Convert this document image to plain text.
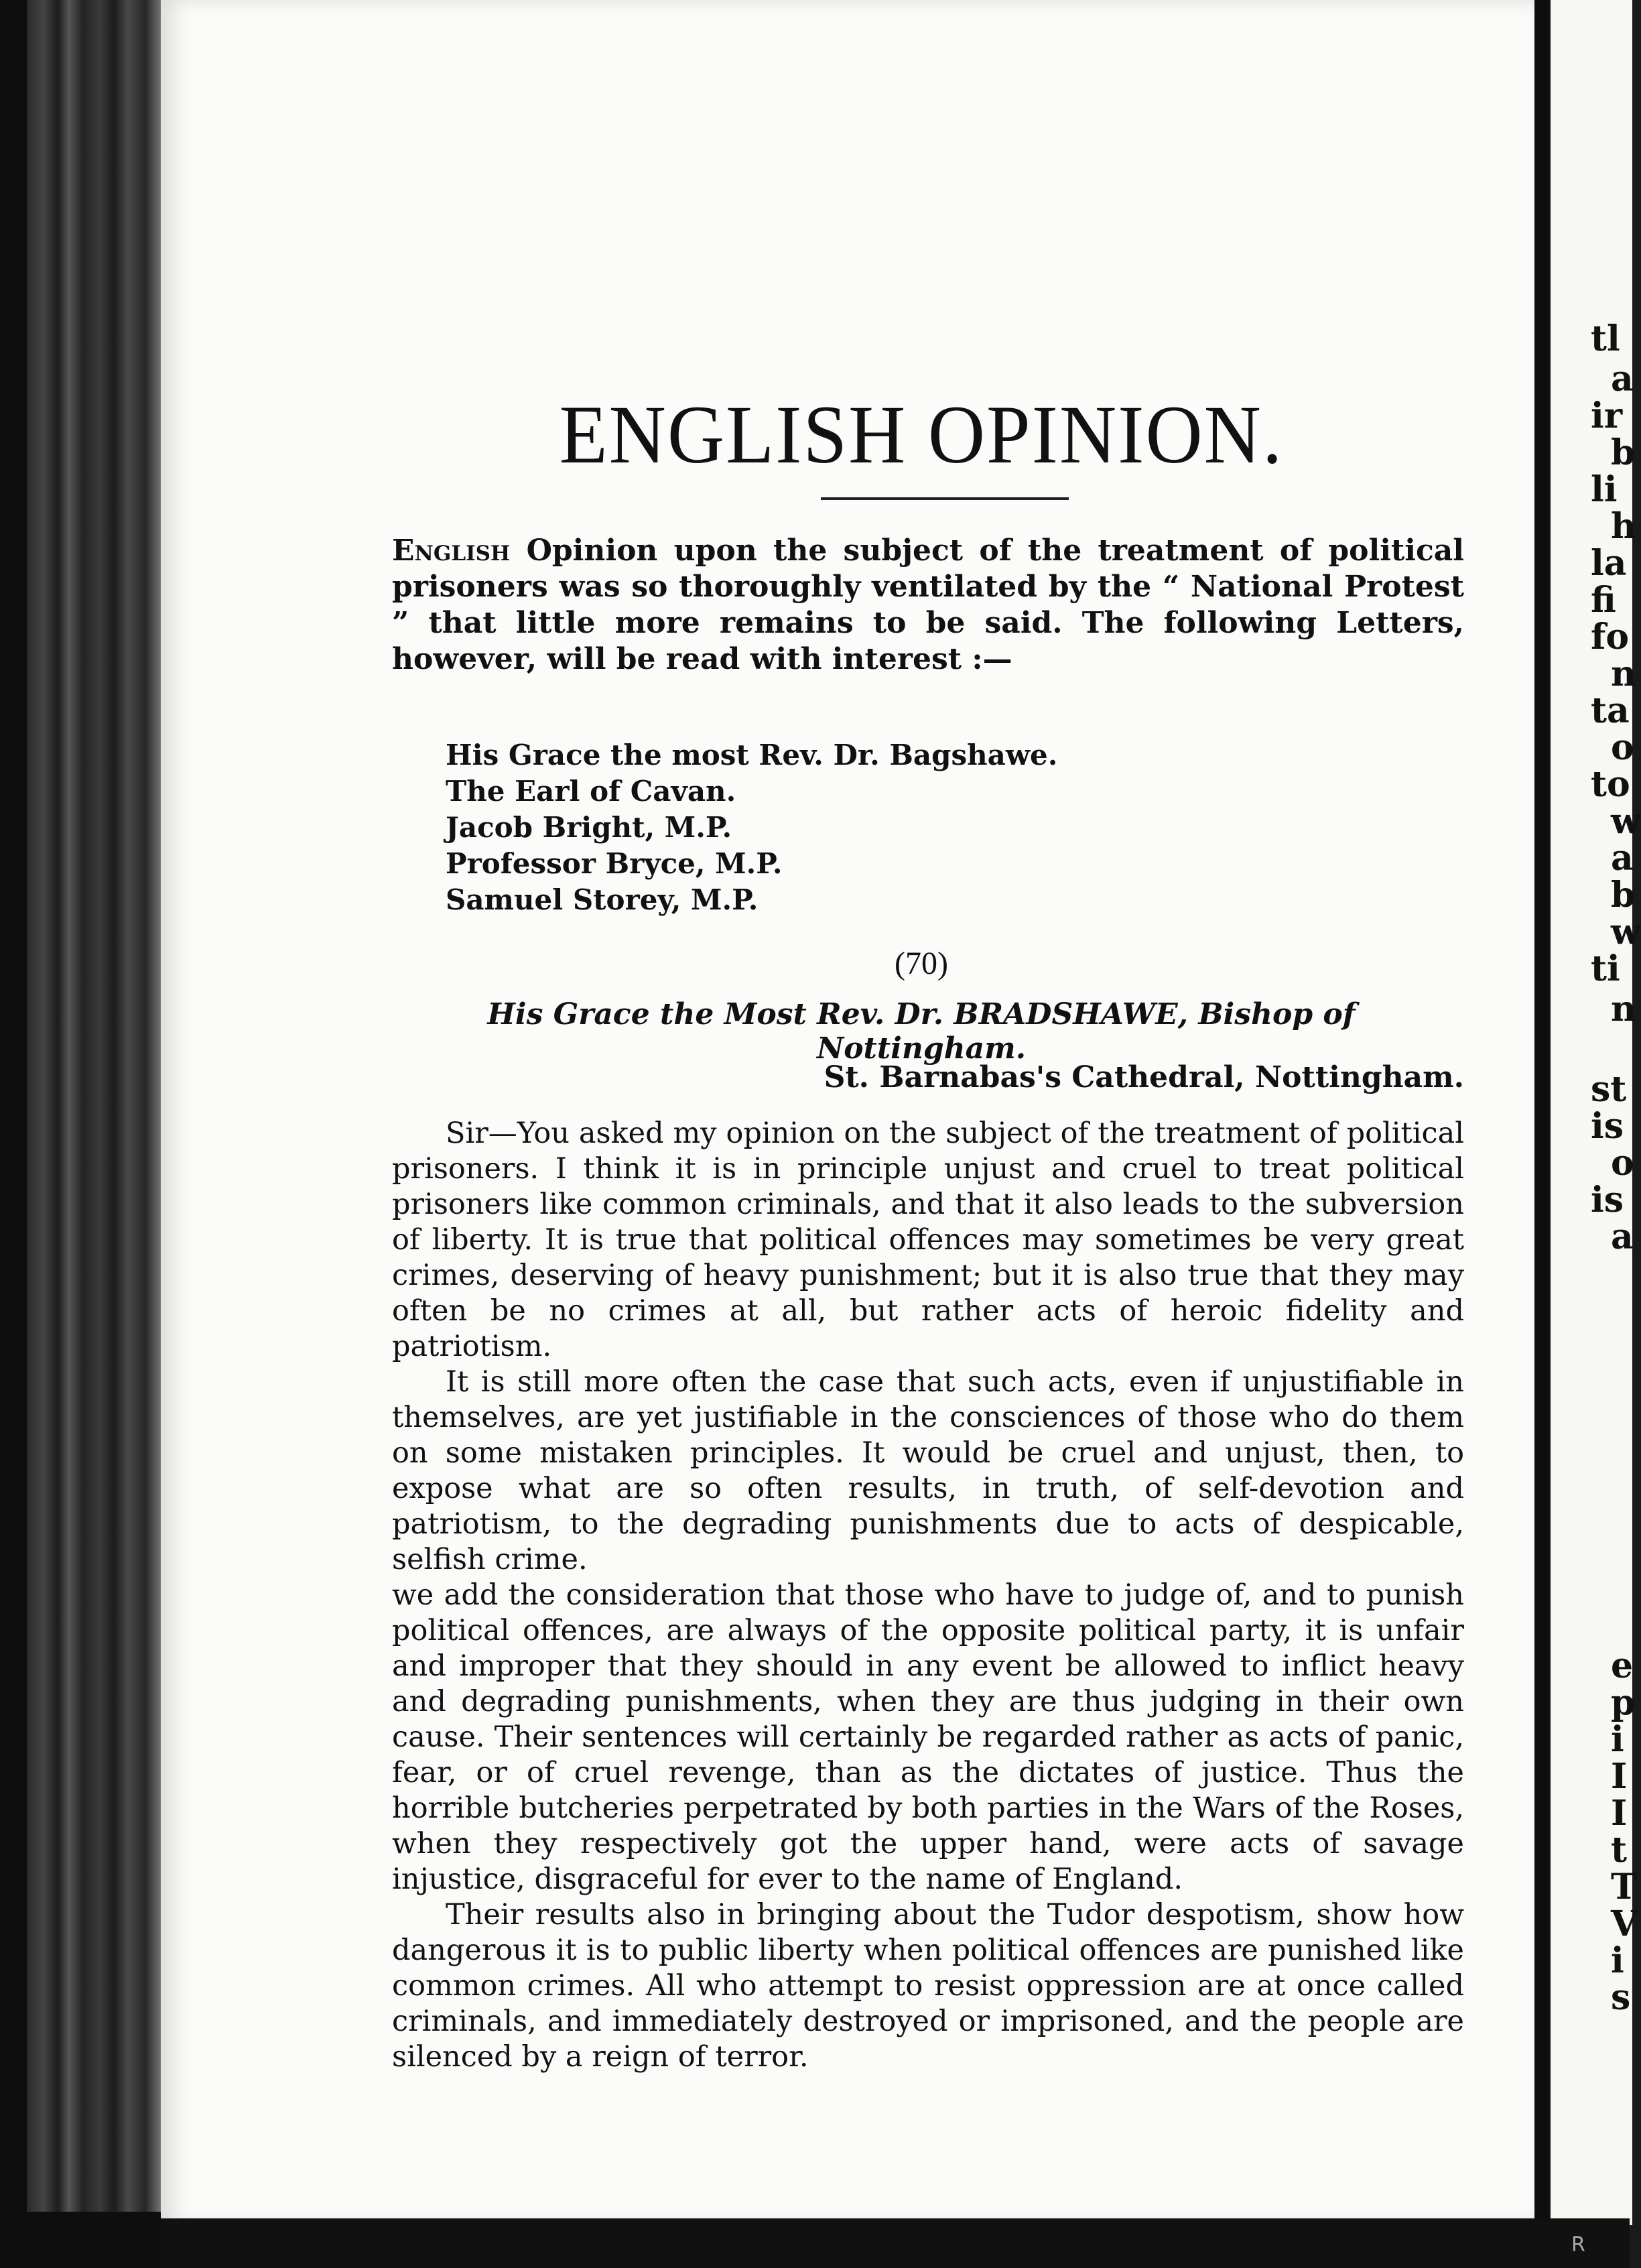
ENGLISH OPINION.
English Opinion upon the subject of the treatment of political prisoners was so thoroughly ventilated by the “ National Protest ” that little more remains to be said. The following Letters, however, will be read with interest :—
His Grace the most Rev. Dr. Bagshawe.
The Earl of Cavan.
Jacob Bright, M.P.
Professor Bryce, M.P.
Samuel Storey, M.P.
(70)
His Grace the Most Rev. Dr. BRADSHAWE, Bishop of Nottingham.
St. Barnabas's Cathedral, Nottingham.

Sir—You asked my opinion on the subject of the treatment of political prisoners. I think it is in principle unjust and cruel to treat political prisoners like common criminals, and that it also leads to the subversion of liberty. It is true that political offences may sometimes be very great crimes, deserving of heavy punishment; but it is also true that they may often be no crimes at all, but rather acts of heroic fidelity and patriotism.

It is still more often the case that such acts, even if unjustifiable in themselves, are yet justifiable in the consciences of those who do them on some mistaken principles. It would be cruel and unjust, then, to expose what are so often results, in truth, of self-devotion and patriotism, to the degrading punishments due to acts of despicable, selfish crime.

we add the consideration that those who have to judge of, and to punish political offences, are always of the opposite political party, it is unfair and improper that they should in any event be allowed to inflict heavy and degrading punishments, when they are thus judging in their own cause. Their sentences will certainly be regarded rather as acts of panic, fear, or of cruel revenge, than as the dictates of justice. Thus the horrible butcheries perpetrated by both parties in the Wars of the Roses, when they respectively got the upper hand, were acts of savage injustice, disgraceful for ever to the name of England.

Their results also in bringing about the Tudor despotism, show how dangerous it is to public liberty when political offences are punished like common crimes. All who attempt to resist oppression are at once called criminals, and immediately destroyed or imprisoned, and the people are silenced by a reign of terror.

tl
a
ir
b
li
h
la
fi
fo
n
ta
o
to
w
a
b
w
ti
n
st
is
o
is
a
e
p
i
I
I
t
T
V
i
s
R
